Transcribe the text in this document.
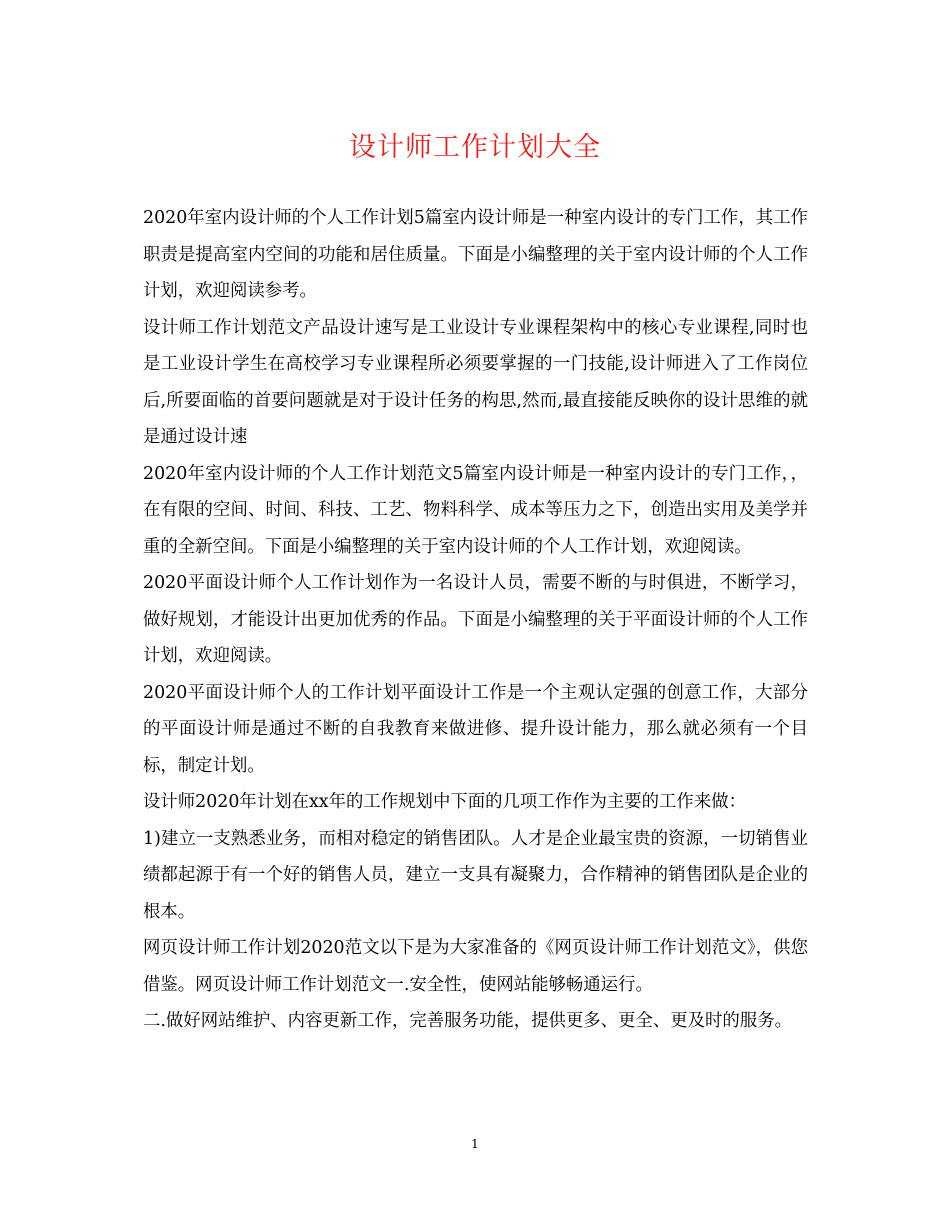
设计师工作计划大全

2020年室内设计师的个人工作计划5篇室内设计师是一种室内设计的专门工作，其工作职责是提高室内空间的功能和居住质量。下面是小编整理的关于室内设计师的个人工作计划，欢迎阅读参考。

设计师工作计划范文产品设计速写是工业设计专业课程架构中的核心专业课程,同时也是工业设计学生在高校学习专业课程所必须要掌握的一门技能,设计师进入了工作岗位后,所要面临的首要问题就是对于设计任务的构思,然而,最直接能反映你的设计思维的就是通过设计速

2020年室内设计师的个人工作计划范文5篇室内设计师是一种室内设计的专门工作，，在有限的空间、时间、科技、工艺、物料科学、成本等压力之下，创造出实用及美学并重的全新空间。下面是小编整理的关于室内设计师的个人工作计划，欢迎阅读。

2020平面设计师个人工作计划作为一名设计人员，需要不断的与时俱进，不断学习，做好规划，才能设计出更加优秀的作品。下面是小编整理的关于平面设计师的个人工作计划，欢迎阅读。

2020平面设计师个人的工作计划平面设计工作是一个主观认定强的创意工作，大部分的平面设计师是通过不断的自我教育来做进修、提升设计能力，那么就必须有一个目标，制定计划。

设计师2020年计划在xx年的工作规划中下面的几项工作作为主要的工作来做：

1)建立一支熟悉业务，而相对稳定的销售团队。人才是企业最宝贵的资源，一切销售业绩都起源于有一个好的销售人员，建立一支具有凝聚力，合作精神的销售团队是企业的根本。

网页设计师工作计划2020范文以下是为大家准备的《网页设计师工作计划范文》，供您借鉴。网页设计师工作计划范文一.安全性，使网站能够畅通运行。

二.做好网站维护、内容更新工作，完善服务功能，提供更多、更全、更及时的服务。

1
